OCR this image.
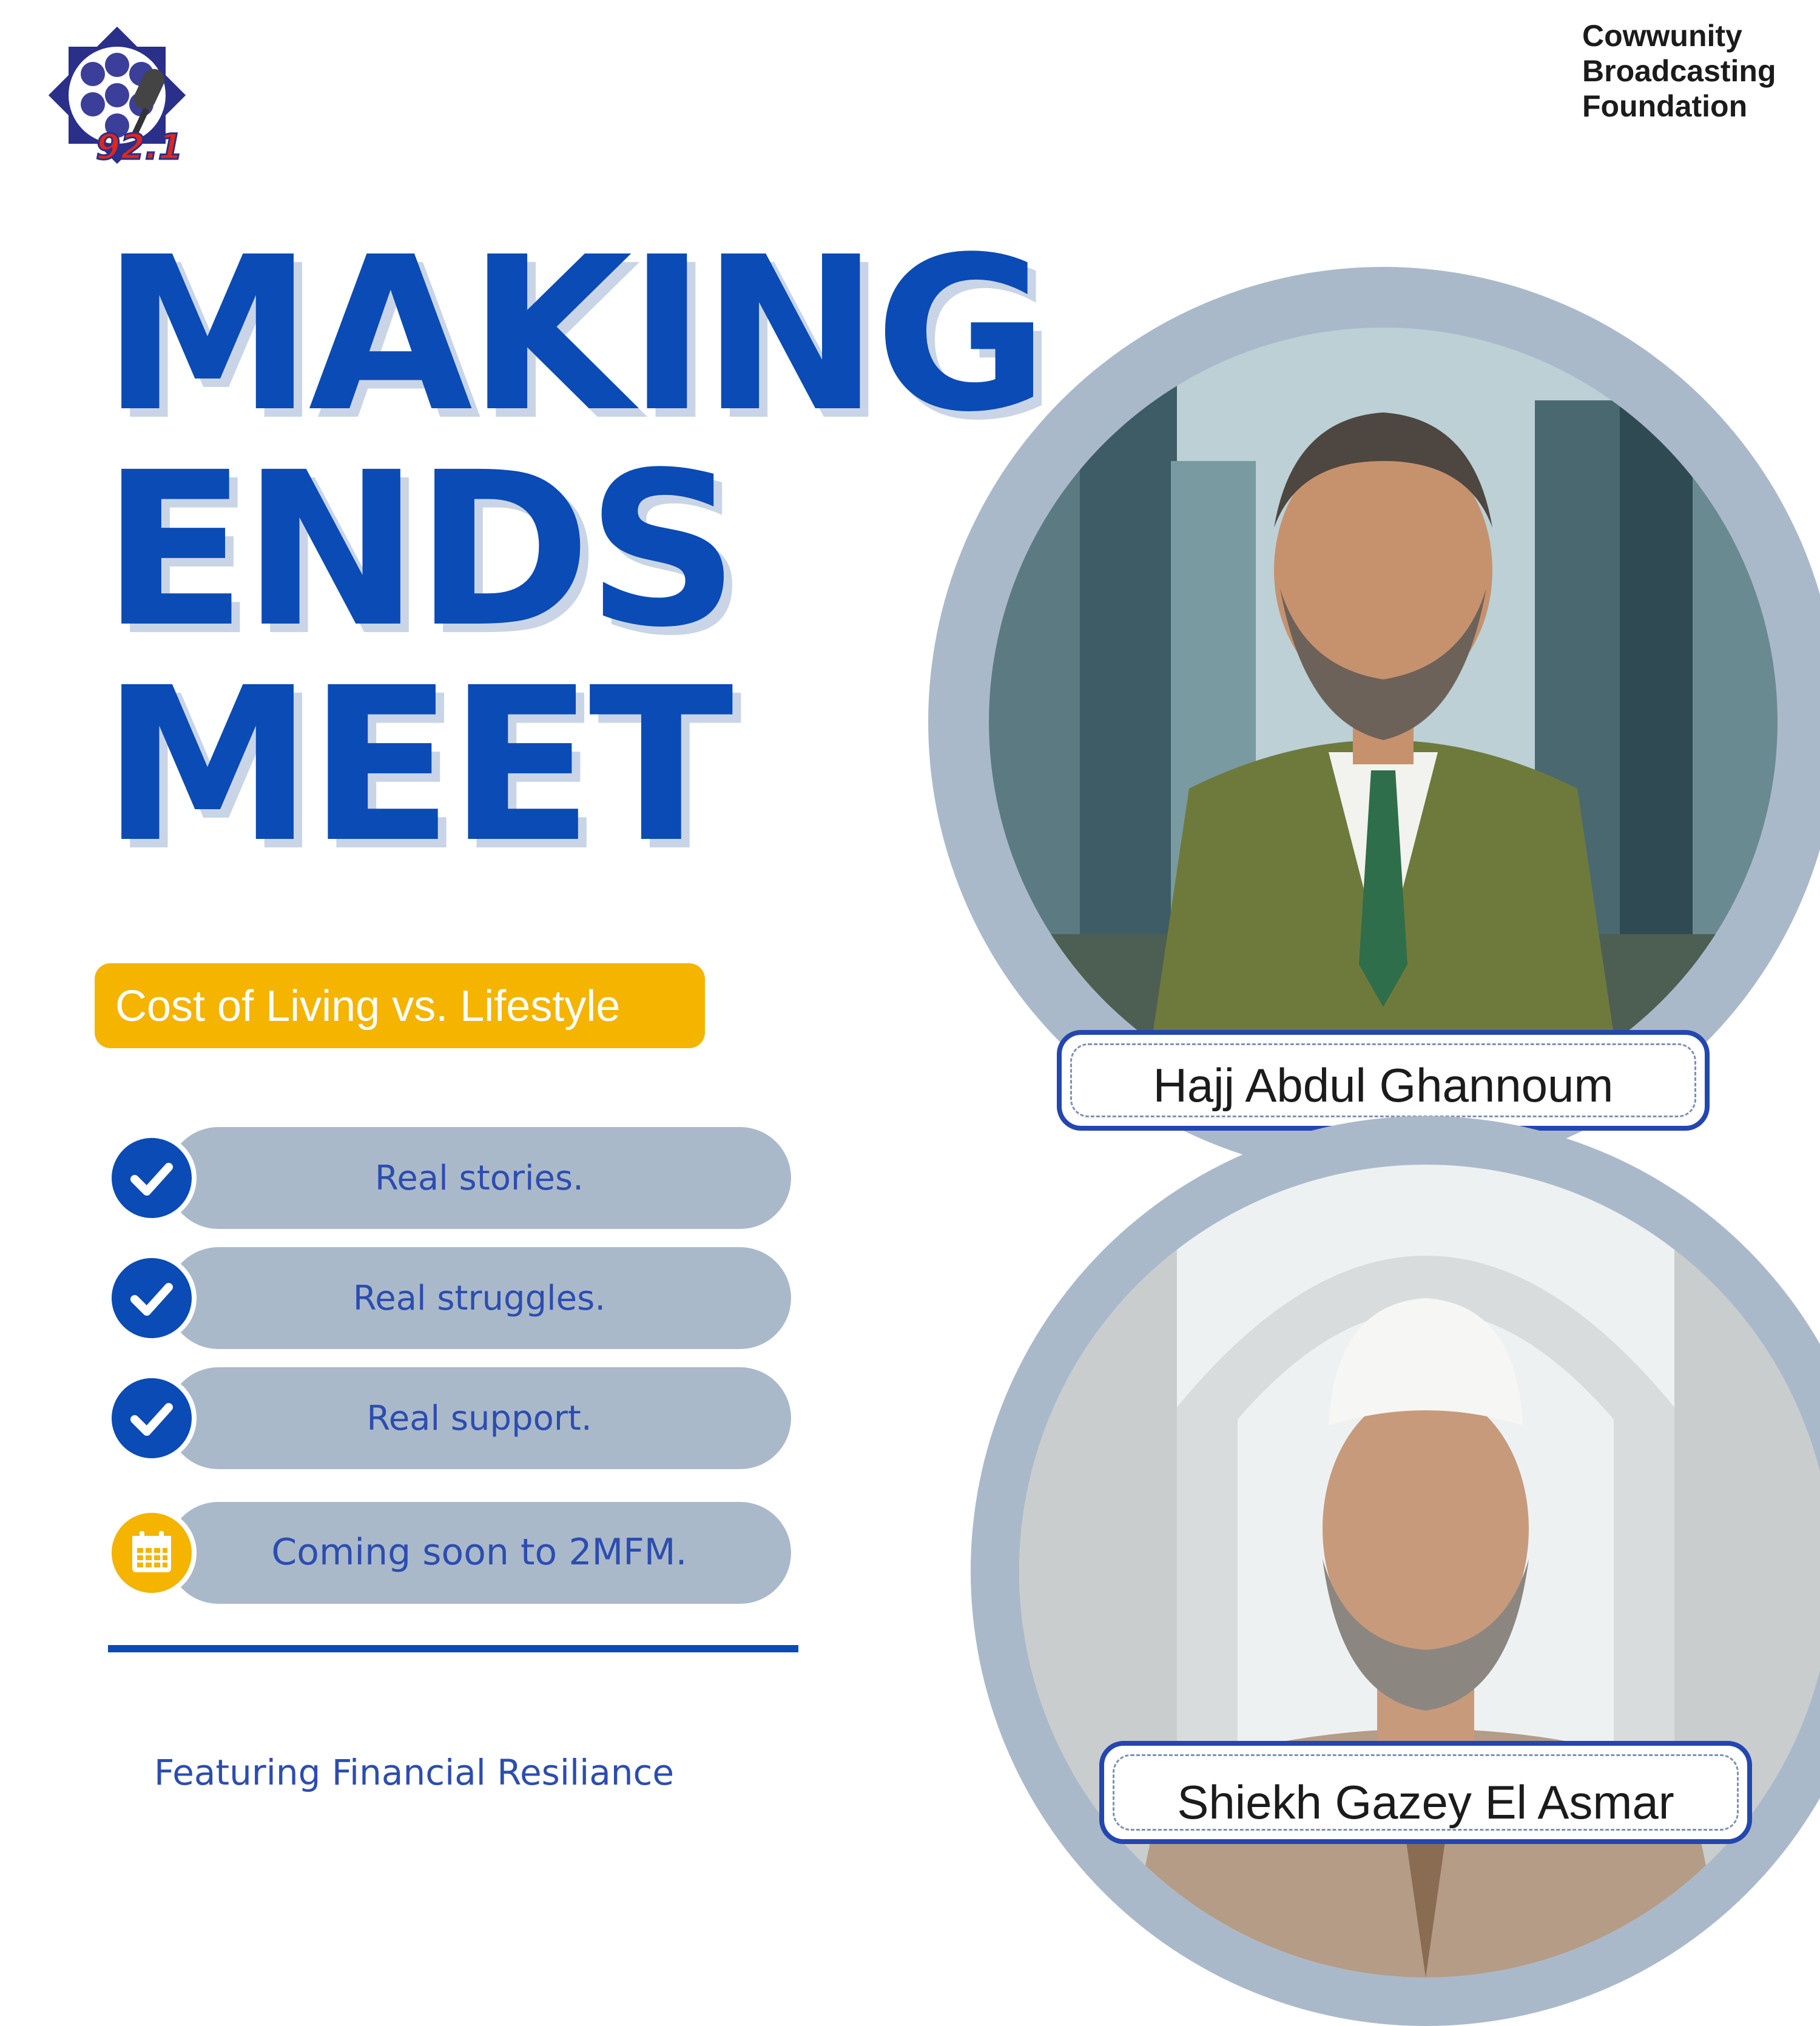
92.1
Cowwunity
Broadcasting
Foundation
MAKING
ENDS
MEET
Cost of Living vs. Lifestyle
Real stories.
Real struggles.
Real support.
Coming soon to 2MFM.
Featuring Financial Resiliance
Hajj Abdul Ghannoum
Shiekh Gazey El Asmar
